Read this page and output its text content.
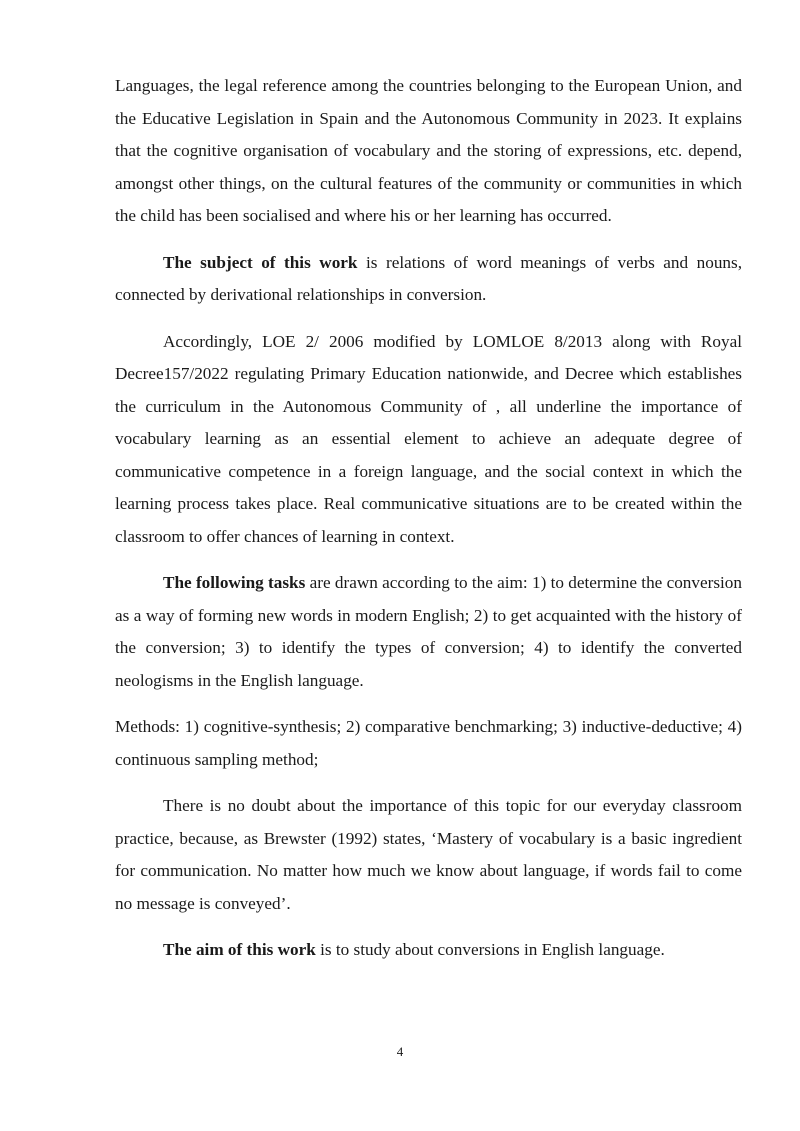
Languages, the legal reference among the countries belonging to the European Union, and the Educative Legislation in Spain and the Autonomous Community in 2023. It explains that the cognitive organisation of vocabulary and the storing of expressions, etc. depend, amongst other things, on the cultural features of the community or communities in which the child has been socialised and where his or her learning has occurred.

The subject of this work is relations of word meanings of verbs and nouns, connected by derivational relationships in conversion.

Accordingly, LOE 2/ 2006 modified by LOMLOE 8/2013 along with Royal Decree157/2022 regulating Primary Education nationwide, and Decree which establishes the curriculum in the Autonomous Community of , all underline the importance of vocabulary learning as an essential element to achieve an adequate degree of communicative competence in a foreign language, and the social context in which the learning process takes place. Real communicative situations are to be created within the classroom to offer chances of learning in context.

The following tasks are drawn according to the aim: 1) to determine the conversion as a way of forming new words in modern English; 2) to get acquainted with the history of the conversion; 3) to identify the types of conversion; 4) to identify the converted neologisms in the English language.

Methods: 1) cognitive-synthesis; 2) comparative benchmarking; 3) inductive-deductive; 4) continuous sampling method;

There is no doubt about the importance of this topic for our everyday classroom practice, because, as Brewster (1992) states, ‘Mastery of vocabulary is a basic ingredient for communication. No matter how much we know about language, if words fail to come no message is conveyed’.

The aim of this work is to study about conversions in English language.

4
